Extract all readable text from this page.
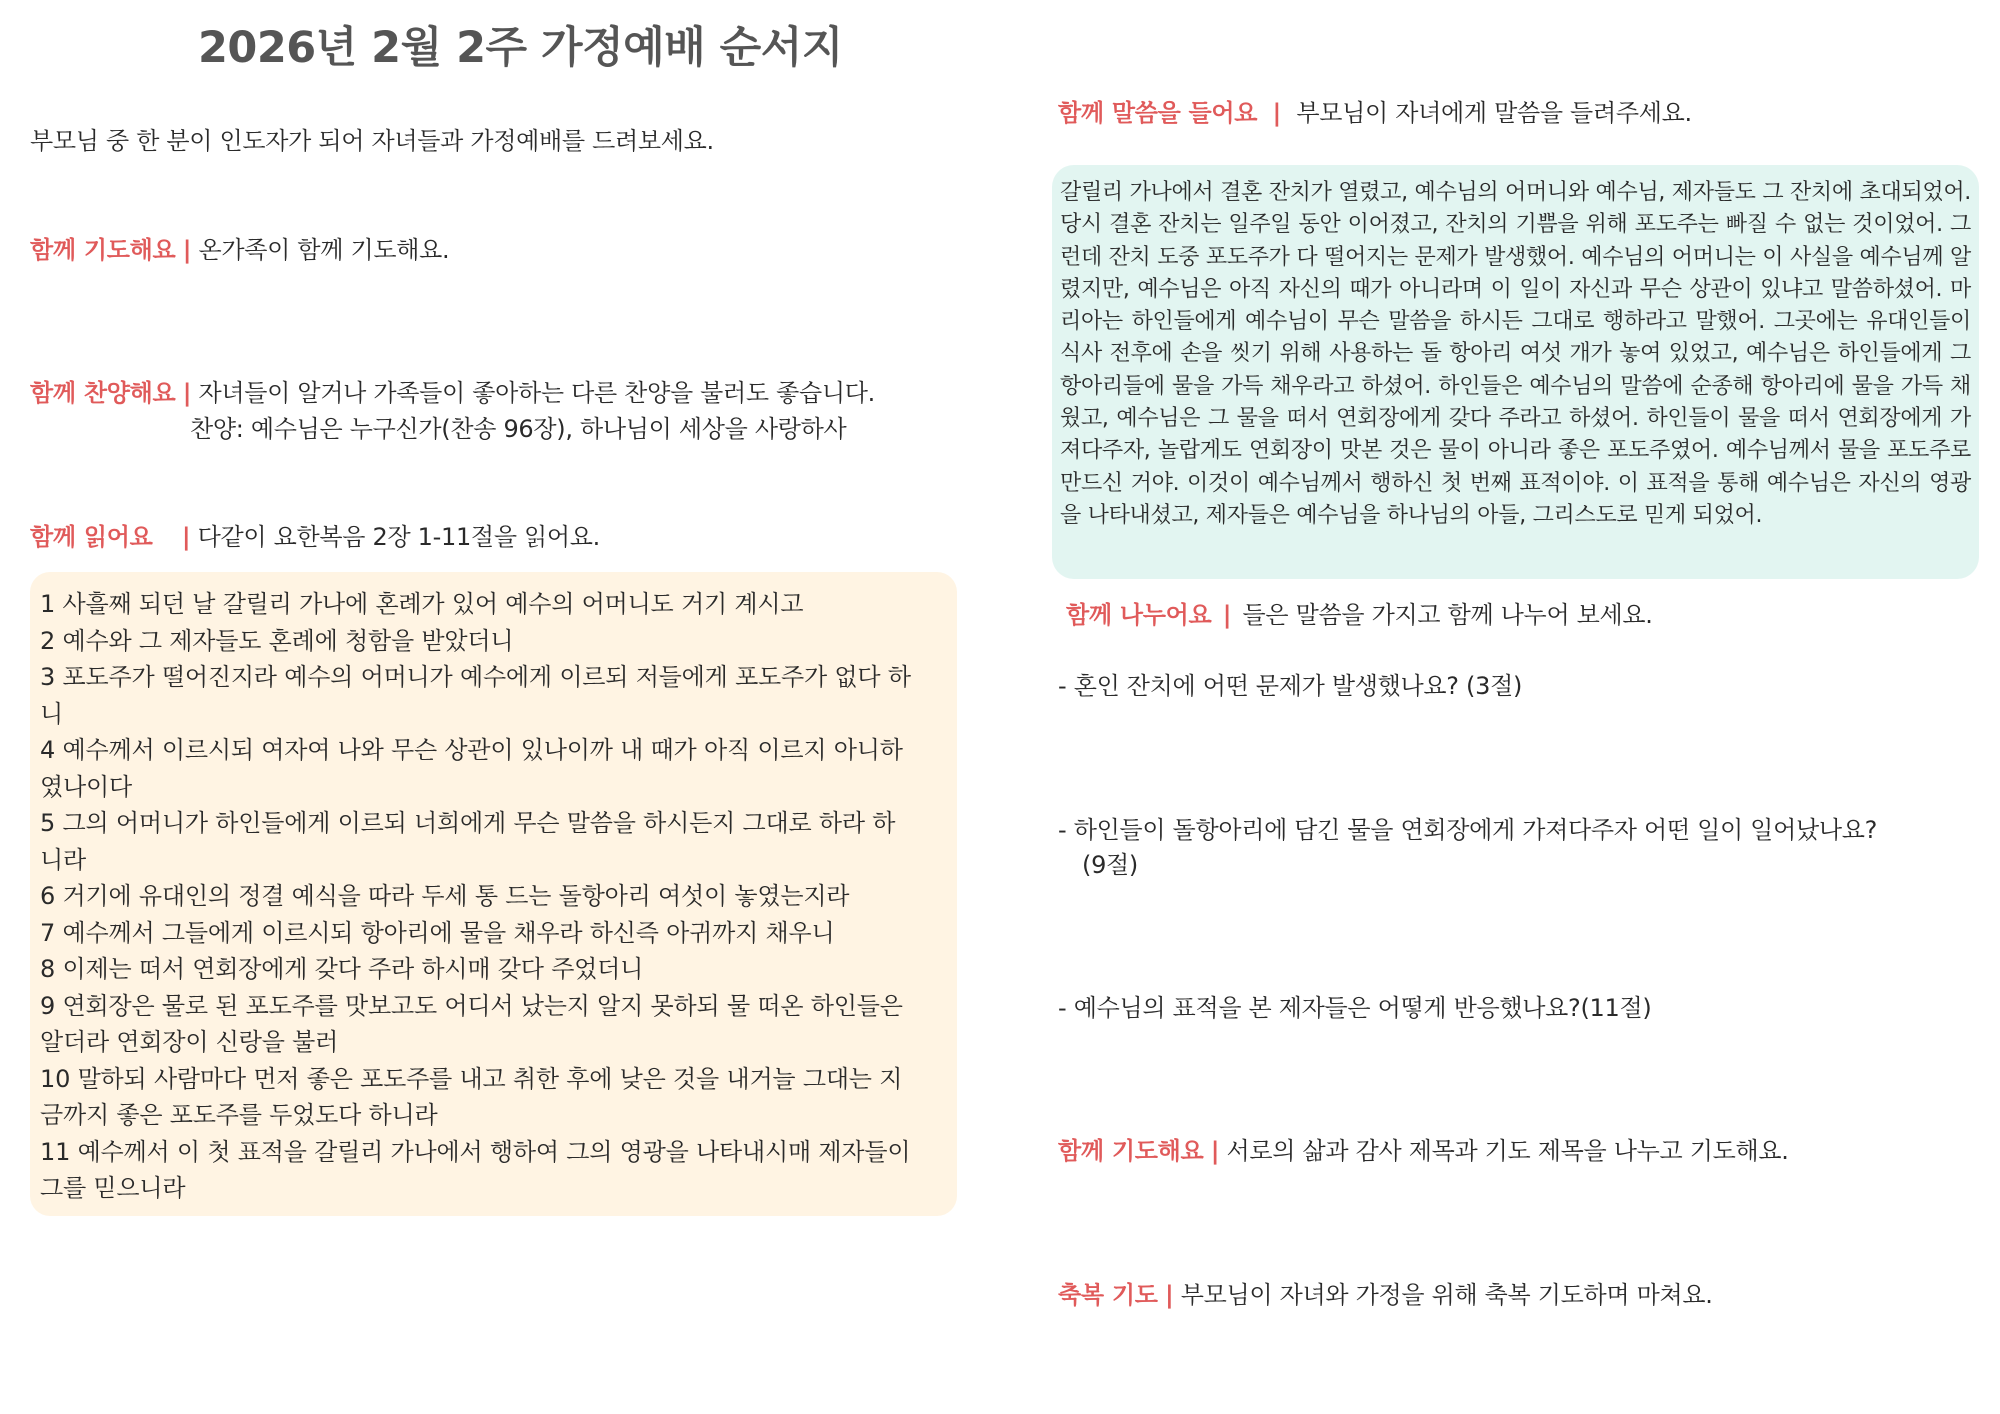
2026년 2월 2주 가정예배 순서지
부모님 중 한 분이 인도자가 되어 자녀들과 가정예배를 드려보세요.
함께 기도해요 | 온가족이 함께 기도해요.
함께 찬양해요 | 자녀들이 알거나 가족들이 좋아하는 다른 찬양을 불러도 좋습니다.
찬양: 예수님은 누구신가(찬송 96장), 하나님이 세상을 사랑하사
함께 읽어요 | 다같이 요한복음 2장 1-11절을 읽어요.
1 사흘째 되던 날 갈릴리 가나에 혼례가 있어 예수의 어머니도 거기 계시고
2 예수와 그 제자들도 혼례에 청함을 받았더니
3 포도주가 떨어진지라 예수의 어머니가 예수에게 이르되 저들에게 포도주가 없다 하
니
4 예수께서 이르시되 여자여 나와 무슨 상관이 있나이까 내 때가 아직 이르지 아니하
였나이다
5 그의 어머니가 하인들에게 이르되 너희에게 무슨 말씀을 하시든지 그대로 하라 하
니라
6 거기에 유대인의 정결 예식을 따라 두세 통 드는 돌항아리 여섯이 놓였는지라
7 예수께서 그들에게 이르시되 항아리에 물을 채우라 하신즉 아귀까지 채우니
8 이제는 떠서 연회장에게 갖다 주라 하시매 갖다 주었더니
9 연회장은 물로 된 포도주를 맛보고도 어디서 났는지 알지 못하되 물 떠온 하인들은
알더라 연회장이 신랑을 불러
10 말하되 사람마다 먼저 좋은 포도주를 내고 취한 후에 낮은 것을 내거늘 그대는 지
금까지 좋은 포도주를 두었도다 하니라
11 예수께서 이 첫 표적을 갈릴리 가나에서 행하여 그의 영광을 나타내시매 제자들이
그를 믿으니라
함께 말씀을 들어요 | 부모님이 자녀에게 말씀을 들려주세요.
갈릴리 가나에서 결혼 잔치가 열렸고, 예수님의 어머니와 예수님, 제자들도 그 잔치에 초대되었어. 당시 결혼 잔치는 일주일 동안 이어졌고, 잔치의 기쁨을 위해 포도주는 빠질 수 없는 것이었어. 그런데 잔치 도중 포도주가 다 떨어지는 문제가 발생했어. 예수님의 어머니는 이 사실을 예수님께 알렸지만, 예수님은 아직 자신의 때가 아니라며 이 일이 자신과 무슨 상관이 있냐고 말씀하셨어. 마리아는 하인들에게 예수님이 무슨 말씀을 하시든 그대로 행하라고 말했어. 그곳에는 유대인들이 식사 전후에 손을 씻기 위해 사용하는 돌 항아리 여섯 개가 놓여 있었고, 예수님은 하인들에게 그 항아리들에 물을 가득 채우라고 하셨어. 하인들은 예수님의 말씀에 순종해 항아리에 물을 가득 채웠고, 예수님은 그 물을 떠서 연회장에게 갖다 주라고 하셨어. 하인들이 물을 떠서 연회장에게 가져다주자, 놀랍게도 연회장이 맛본 것은 물이 아니라 좋은 포도주였어. 예수님께서 물을 포도주로 만드신 거야. 이것이 예수님께서 행하신 첫 번째 표적이야. 이 표적을 통해 예수님은 자신의 영광을 나타내셨고, 제자들은 예수님을 하나님의 아들, 그리스도로 믿게 되었어.
함께 나누어요 | 들은 말씀을 가지고 함께 나누어 보세요.
- 혼인 잔치에 어떤 문제가 발생했나요? (3절)
- 하인들이 돌항아리에 담긴 물을 연회장에게 가져다주자 어떤 일이 일어났나요?
(9절)
- 예수님의 표적을 본 제자들은 어떻게 반응했나요?(11절)
함께 기도해요 | 서로의 삶과 감사 제목과 기도 제목을 나누고 기도해요.
축복 기도 | 부모님이 자녀와 가정을 위해 축복 기도하며 마쳐요.
